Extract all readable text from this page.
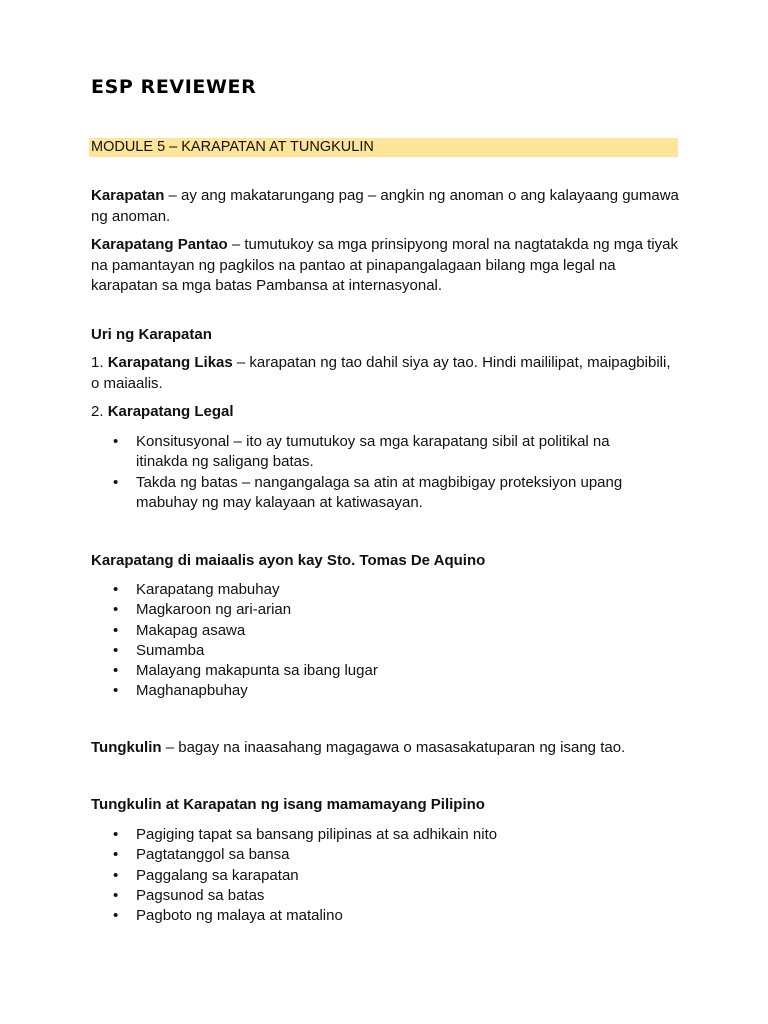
ESP REVIEWER
MODULE 5 – KARAPATAN AT TUNGKULIN
Karapatan – ay ang makatarungang pag – angkin ng anoman o ang kalayaang gumawa ng anoman.
Karapatang Pantao – tumutukoy sa mga prinsipyong moral na nagtatakda ng mga tiyak na pamantayan ng pagkilos na pantao at pinapangalagaan bilang mga legal na karapatan sa mga batas Pambansa at internasyonal.
Uri ng Karapatan
1. Karapatang Likas – karapatan ng tao dahil siya ay tao. Hindi maililipat, maipagbibili, o maiaalis.
2. Karapatang Legal
• Konsitusyonal – ito ay tumutukoy sa mga karapatang sibil at politikal na itinakda ng saligang batas.
• Takda ng batas – nangangalaga sa atin at magbibigay proteksiyon upang mabuhay ng may kalayaan at katiwasayan.
Karapatang di maiaalis ayon kay Sto. Tomas De Aquino
• Karapatang mabuhay
• Magkaroon ng ari-arian
• Makapag asawa
• Sumamba
• Malayang makapunta sa ibang lugar
• Maghanapbuhay
Tungkulin – bagay na inaasahang magagawa o masasakatuparan ng isang tao.
Tungkulin at Karapatan ng isang mamamayang Pilipino
• Pagiging tapat sa bansang pilipinas at sa adhikain nito
• Pagtatanggol sa bansa
• Paggalang sa karapatan
• Pagsunod sa batas
• Pagboto ng malaya at matalino
